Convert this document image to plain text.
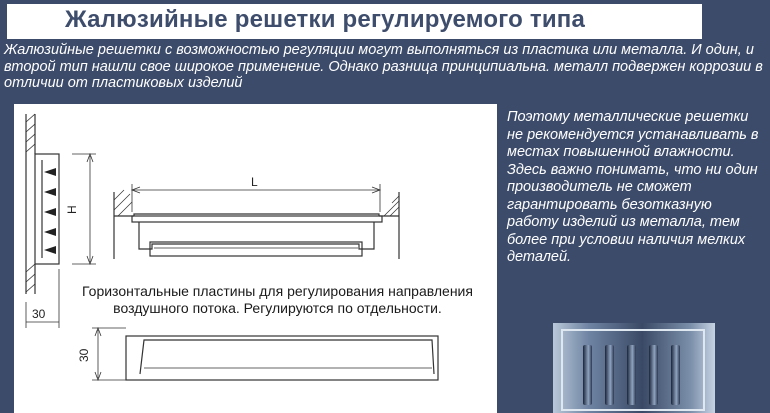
Жалюзийные решетки регулируемого типа
Жалюзийные решетки с возможностью регуляции могут выполняться из пластика или металла. И один, и второй тип нашли свое широкое применение. Однако разница принципиальна. металл подвержен коррозии в отличии от пластиковых изделий
H
L
30
30
Горизонтальные пластины для регулирования направления воздушного потока. Регулируются по отдельности.
Поэтому металлические решетки не рекомендуется устанавливать в местах повышенной влажности. Здесь важно понимать, что ни один производитель не сможет гарантировать безотказную работу изделий из металла, тем более при условии наличия мелких деталей.
